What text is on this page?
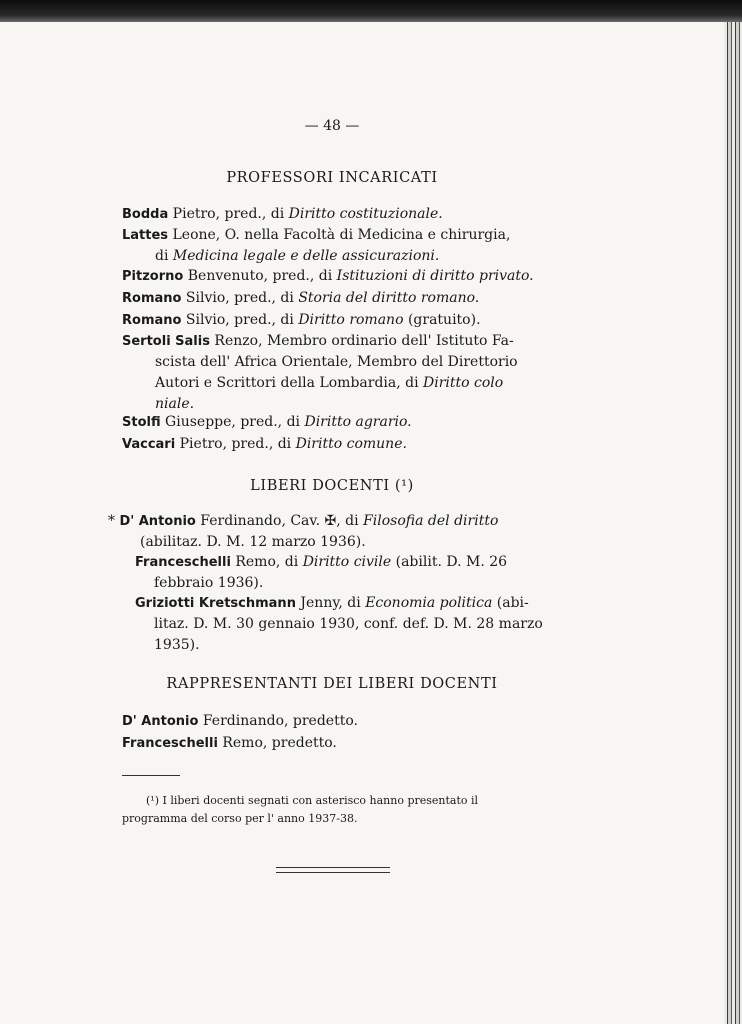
— 48 —
PROFESSORI INCARICATI
Bodda Pietro, pred., di Diritto costituzionale.
Lattes Leone, O. nella Facoltà di Medicina e chirurgia,
di Medicina legale e delle assicurazioni.
Pitzorno Benvenuto, pred., di Istituzioni di diritto privato.
Romano Silvio, pred., di Storia del diritto romano.
Romano Silvio, pred., di Diritto romano (gratuito).
Sertoli Salis Renzo, Membro ordinario dell' Istituto Fa-
scista dell' Africa Orientale, Membro del Direttorio
Autori e Scrittori della Lombardia, di Diritto colo niale.
Stolfi Giuseppe, pred., di Diritto agrario.
Vaccari Pietro, pred., di Diritto comune.
LIBERI DOCENTI (¹)
* D' Antonio Ferdinando, Cav. ✠, di Filosofia del diritto
(abilitaz. D. M. 12 marzo 1936).
Franceschelli Remo, di Diritto civile (abilit. D. M. 26
febbraio 1936).
Griziotti Kretschmann Jenny, di Economia politica (abi-
litaz. D. M. 30 gennaio 1930, conf. def. D. M. 28 marzo
1935).
RAPPRESENTANTI DEI LIBERI DOCENTI
D' Antonio Ferdinando, predetto.
Franceschelli Remo, predetto.
(¹) I liberi docenti segnati con asterisco hanno presentato il programma del corso per l' anno 1937-38.
